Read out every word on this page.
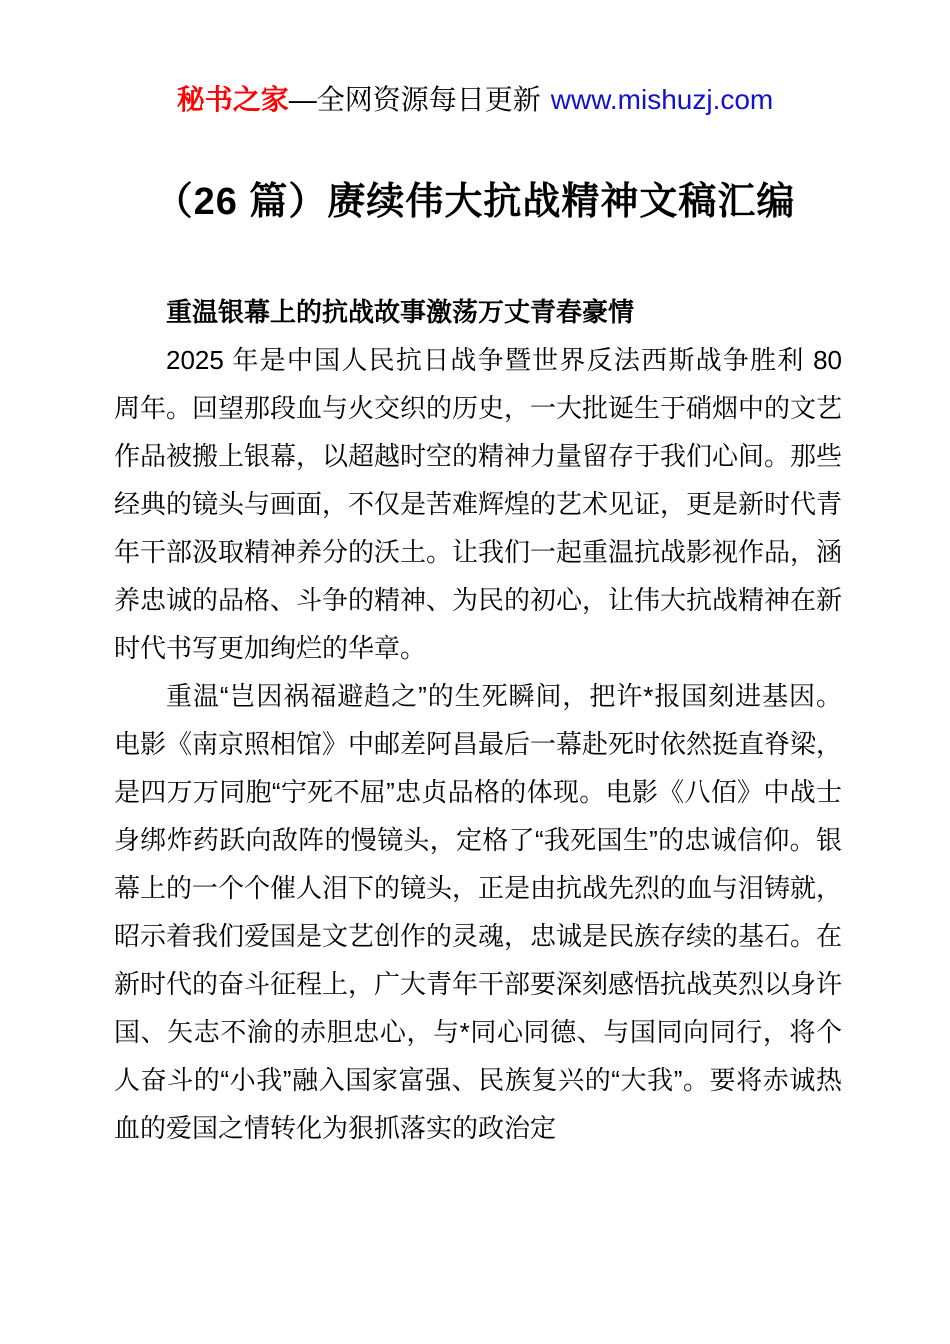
秘书之家—全网资源每日更新 www.mishuzj.com
（26 篇）赓续伟大抗战精神文稿汇编

重温银幕上的抗战故事激荡万丈青春豪情

2025 年是中国人民抗日战争暨世界反法西斯战争胜利 80 周年。回望那段血与火交织的历史，一大批诞生于硝烟中的文艺作品被搬上银幕，以超越时空的精神力量留存于我们心间。那些经典的镜头与画面，不仅是苦难辉煌的艺术见证，更是新时代青年干部汲取精神养分的沃土。让我们一起重温抗战影视作品，涵养忠诚的品格、斗争的精神、为民的初心，让伟大抗战精神在新时代书写更加绚烂的华章。

重温“岂因祸福避趋之”的生死瞬间，把许*报国刻进基因。电影《南京照相馆》中邮差阿昌最后一幕赴死时依然挺直脊梁，是四万万同胞“宁死不屈”忠贞品格的体现。电影《八佰》中战士身绑炸药跃向敌阵的慢镜头，定格了“我死国生”的忠诚信仰。银幕上的一个个催人泪下的镜头，正是由抗战先烈的血与泪铸就，昭示着我们爱国是文艺创作的灵魂，忠诚是民族存续的基石。在新时代的奋斗征程上，广大青年干部要深刻感悟抗战英烈以身许国、矢志不渝的赤胆忠心，与*同心同德、与国同向同行，将个人奋斗的“小我”融入国家富强、民族复兴的“大我”。要将赤诚热血的爱国之情转化为狠抓落实的政治定
